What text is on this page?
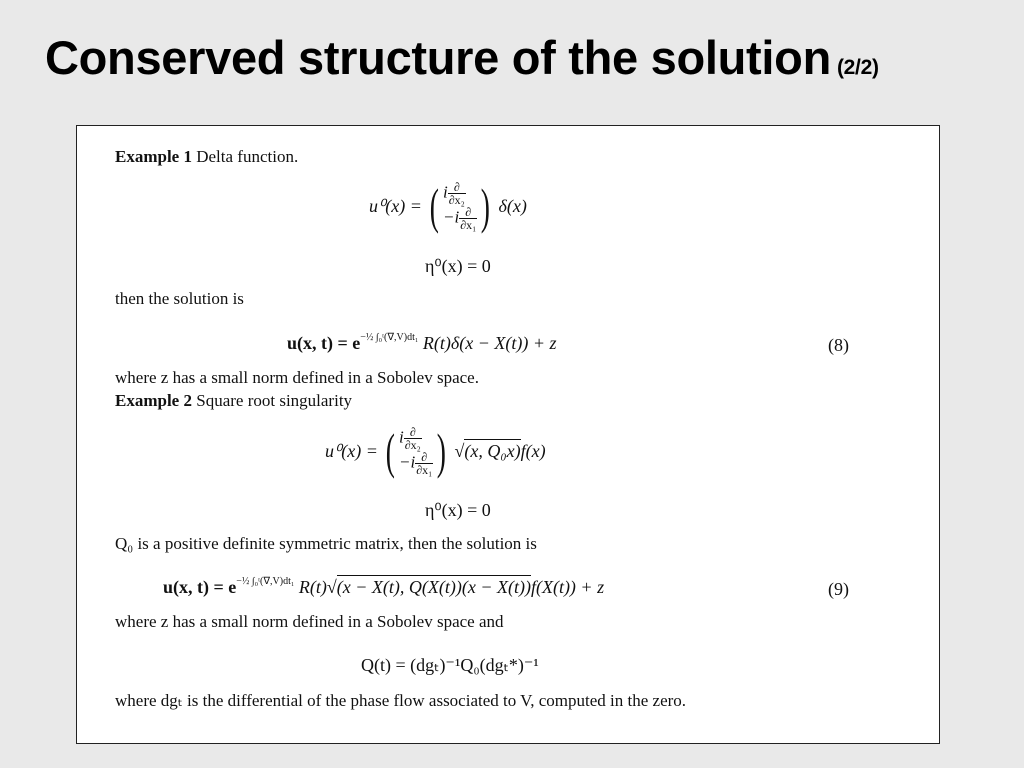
Conserved structure of the solution (2/2)
Example 1 Delta function.
u⁰(x) =
( i $\frac{\partial}{\text{∂x₂}}$
$-i \frac{\partial}{\text{∂x₁}}$ )
δ(x)
η⁰(x) = 0
then the solution is
u(x, $t) = e^{-\frac{1}{2} \int_0ᵗ(\nabla,V)dt_1}$ R(t)δ(x − X(t)) + z	(8)
where z has a small norm defined in a Sobolev space.
Example 2 Square root singularity
u⁰(x) =
( i $\frac{\partial}{\text{∂x₂}}$
$-i \frac{\partial}{\text{∂x₁}}$ )
√(x, Q₀x) f(x)
η⁰(x) = 0
Q₀ is a positive definite symmetric matrix, then the solution is
u(x, $t) = e^{-\frac{1}{2} \int_0ᵗ(\nabla,V)dt_1}$ R(t)√(x − X(t), Q(X(t))(x − X(t))f(X(t)) + z	(9)
where z has a small norm defined in a Sobolev space and
Q(t) = (dgₜ)⁻¹Q₀(dgₜ*)⁻¹
where dgₜ is the differential of the phase flow associated to V, computed in the zero.
